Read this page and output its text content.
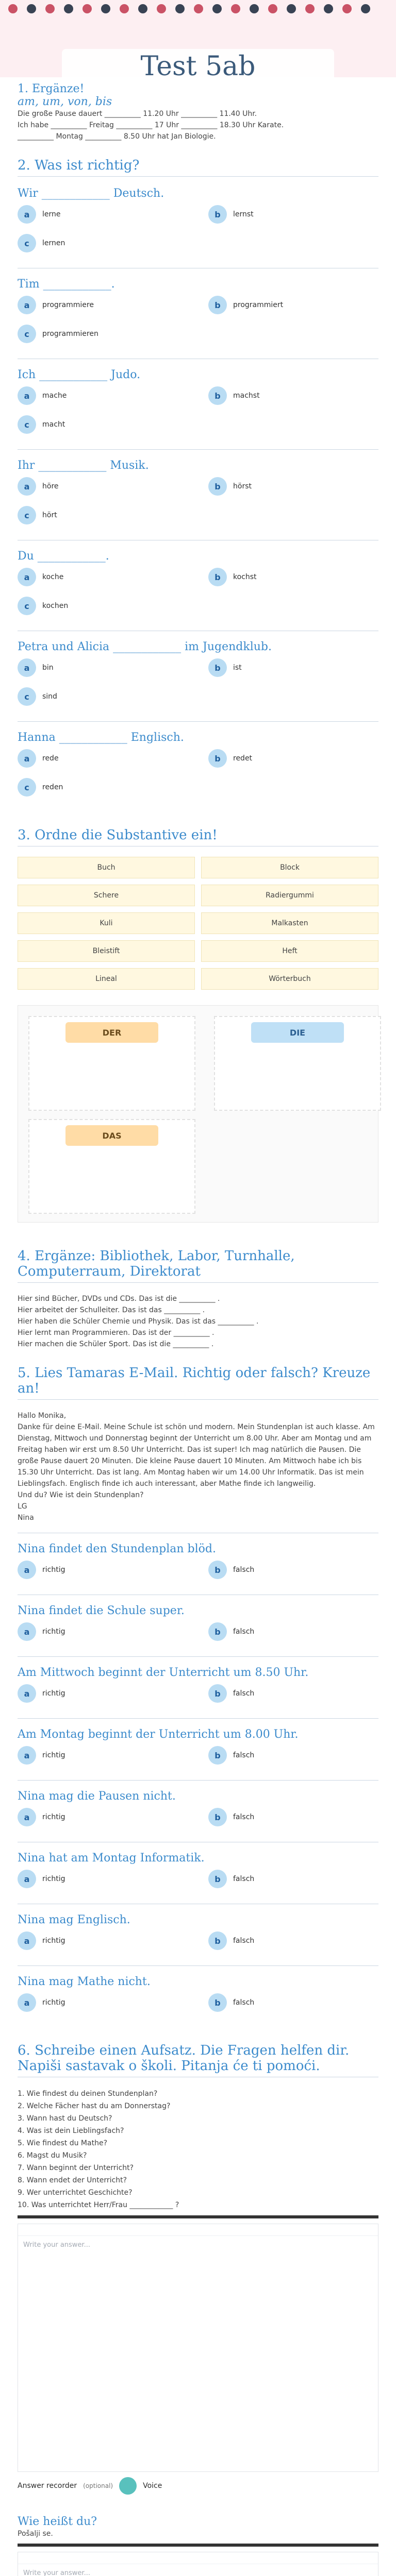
Test 5ab
1. Ergänze!
am, um, von, bis
Die große Pause dauert __________ 11.20 Uhr __________ 11.40 Uhr.
Ich habe __________ Freitag __________ 17 Uhr __________ 18.30 Uhr Karate.
__________ Montag __________ 8.50 Uhr hat Jan Biologie.
2. Was ist richtig?
Wir ____________ Deutsch.
a	lerne	b	lernst
c	lernen
Tim ____________.
a	programmiere	b	programmiert
c	programmieren
Ich ____________ Judo.
a	mache	b	machst
c	macht
Ihr ____________ Musik.
a	höre	b	hörst
c	hört
Du ____________.
a	koche	b	kochst
c	kochen
Petra und Alicia ____________ im Jugendklub.
a	bin	b	ist
c	sind
Hanna ____________ Englisch.
a	rede	b	redet
c	reden
3. Ordne die Substantive ein!
Buch	Block
Schere	Radiergummi
Kuli	Malkasten
Bleistift	Heft
Lineal	Wörterbuch
DER	DIE
DAS
4. Ergänze: Bibliothek, Labor, Turnhalle, Computerraum, Direktorat
Hier sind Bücher, DVDs und CDs. Das ist die __________ .
Hier arbeitet der Schulleiter. Das ist das __________ .
Hier haben die Schüler Chemie und Physik. Das ist das __________ .
Hier lernt man Programmieren. Das ist der __________ .
Hier machen die Schüler Sport. Das ist die __________ .
5. Lies Tamaras E-Mail. Richtig oder falsch? Kreuze an!
Hallo Monika,
Danke für deine E-Mail. Meine Schule ist schön und modern. Mein Stundenplan ist auch klasse. Am Dienstag, Mittwoch und Donnerstag beginnt der Unterricht um 8.00 Uhr. Aber am Montag und am Freitag haben wir erst um 8.50 Uhr Unterricht. Das ist super! Ich mag natürlich die Pausen. Die große Pause dauert 20 Minuten. Die kleine Pause dauert 10 Minuten. Am Mittwoch habe ich bis 15.30 Uhr Unterricht. Das ist lang. Am Montag haben wir um 14.00 Uhr Informatik. Das ist mein Lieblingsfach. Englisch finde ich auch interessant, aber Mathe finde ich langweilig.
Und du? Wie ist dein Stundenplan?
LG
Nina
Nina findet den Stundenplan blöd.
a	richtig	b	falsch
Nina findet die Schule super.
a	richtig	b	falsch
Am Mittwoch beginnt der Unterricht um 8.50 Uhr.
a	richtig	b	falsch
Am Montag beginnt der Unterricht um 8.00 Uhr.
a	richtig	b	falsch
Nina mag die Pausen nicht.
a	richtig	b	falsch
Nina hat am Montag Informatik.
a	richtig	b	falsch
Nina mag Englisch.
a	richtig	b	falsch
Nina mag Mathe nicht.
a	richtig	b	falsch
6. Schreibe einen Aufsatz. Die Fragen helfen dir. Napiši sastavak o školi. Pitanja će ti pomoći.
1. Wie findest du deinen Stundenplan?
2. Welche Fächer hast du am Donnerstag?
3. Wann hast du Deutsch?
4. Was ist dein Lieblingsfach?
5. Wie findest du Mathe?
6. Magst du Musik?
7. Wann beginnt der Unterricht?
8. Wann endet der Unterricht?
9. Wer unterrichtet Geschichte?
10. Was unterrichtet Herr/Frau ____________ ?
Write your answer...
Answer recorder (optional)	Voice
Wie heißt du?
Pošalji se.
Write your answer...
